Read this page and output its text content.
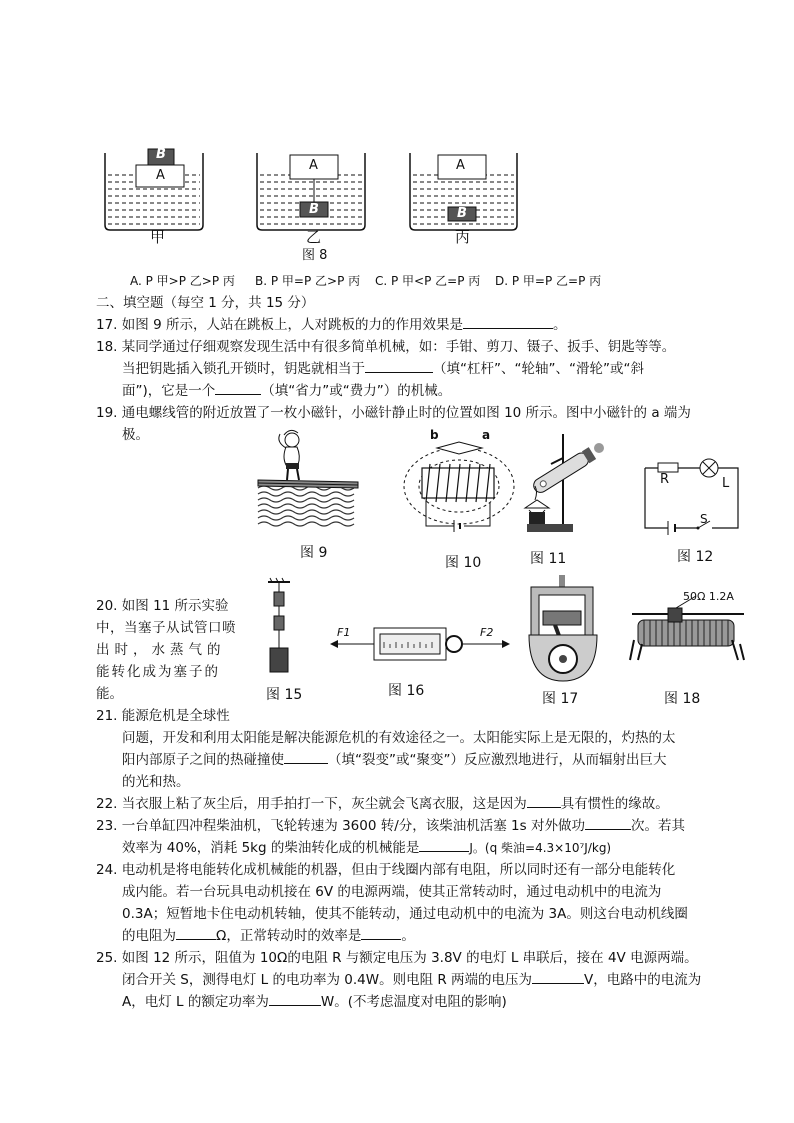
B
A
A
B
A
B
甲	乙	丙
图 8
A. P 甲>P 乙>P 丙 B. P 甲=P 乙>P 丙 C. P 甲<P 乙=P 丙 D. P 甲=P 乙=P 丙
二、填空题（每空 1 分，共 15 分）
17. 如图 9 所示，人站在跳板上，人对跳板的力的作用效果是	。
18. 某同学通过仔细观察发现生活中有很多简单机械，如：手钳、剪刀、镊子、扳手、钥匙等等。
当把钥匙插入锁孔开锁时，钥匙就相当于	（填“杠杆”、“轮轴”、“滑轮”或“斜
面”)，它是一个	（填“省力”或“费力”）的机械。
19. 通电螺线管的附近放置了一枚小磁针，小磁针静止时的位置如图 10 所示。图中小磁针的 a 端为
极。
图 9
b	a
图 10	图 11
R	L
S
图 12
20. 如图 11 所示实验
中，当塞子从试管口喷
出时，水蒸气的
能转化成为塞子的
能。	图 15
F1	F2
图 16	图 17
50Ω 1.2A
图 18
21. 能源危机是全球性
问题，开发和利用太阳能是解决能源危机的有效途径之一。太阳能实际上是无限的，灼热的太
阳内部原子之间的热碰撞使	（填“裂变”或“聚变”）反应激烈地进行，从而辐射出巨大
的光和热。
22. 当衣服上粘了灰尘后，用手拍打一下，灰尘就会飞离衣服，这是因为	具有惯性的缘故。
23. 一台单缸四冲程柴油机，飞轮转速为 3600 转/分，该柴油机活塞 1s 对外做功	次。若其
效率为 40%，消耗 5kg 的柴油转化成的机械能是	J。(q 柴油=4.3×10⁷J/kg)
24. 电动机是将电能转化成机械能的机器，但由于线圈内部有电阻，所以同时还有一部分电能转化
成内能。若一台玩具电动机接在 6V 的电源两端，使其正常转动时，通过电动机中的电流为
0.3A；短暂地卡住电动机转轴，使其不能转动，通过电动机中的电流为 3A。则这台电动机线圈
的电阻为	Ω，正常转动时的效率是	。
25. 如图 12 所示，阻值为 10Ω的电阻 R 与额定电压为 3.8V 的电灯 L 串联后，接在 4V 电源两端。
闭合开关 S，测得电灯 L 的电功率为 0.4W。则电阻 R 两端的电压为	V，电路中的电流为
A，电灯 L 的额定功率为	W。(不考虑温度对电阻的影响)
